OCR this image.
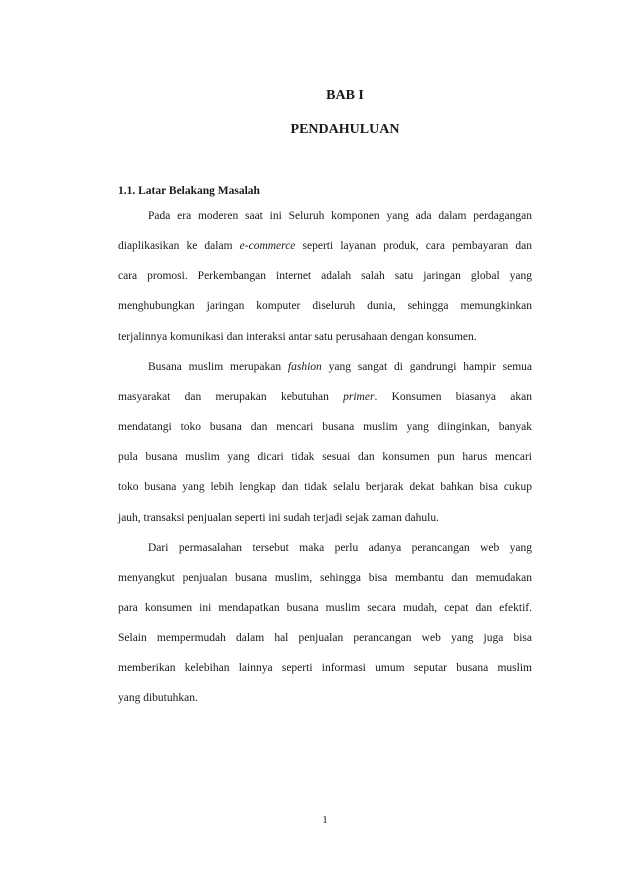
BAB I
PENDAHULUAN
1.1. Latar Belakang Masalah
Pada era moderen saat ini Seluruh komponen yang ada dalam perdagangan
diaplikasikan ke dalam e-commerce seperti layanan produk, cara pembayaran dan
cara promosi. Perkembangan internet adalah salah satu jaringan global yang
menghubungkan jaringan komputer diseluruh dunia, sehingga memungkinkan
terjalinnya komunikasi dan interaksi antar satu perusahaan dengan konsumen.
Busana muslim merupakan fashion yang sangat di gandrungi hampir semua
masyarakat dan merupakan kebutuhan primer. Konsumen biasanya akan
mendatangi toko busana dan mencari busana muslim yang diinginkan, banyak
pula busana muslim yang dicari tidak sesuai dan konsumen pun harus mencari
toko busana yang lebih lengkap dan tidak selalu berjarak dekat bahkan bisa cukup
jauh, transaksi penjualan seperti ini sudah terjadi sejak zaman dahulu.
Dari permasalahan tersebut maka perlu adanya perancangan web yang
menyangkut penjualan busana muslim, sehingga bisa membantu dan memudakan
para konsumen ini mendapatkan busana muslim secara mudah, cepat dan efektif.
Selain mempermudah dalam hal penjualan perancangan web yang juga bisa
memberikan kelebihan lainnya seperti informasi umum seputar busana muslim
yang dibutuhkan.
1
